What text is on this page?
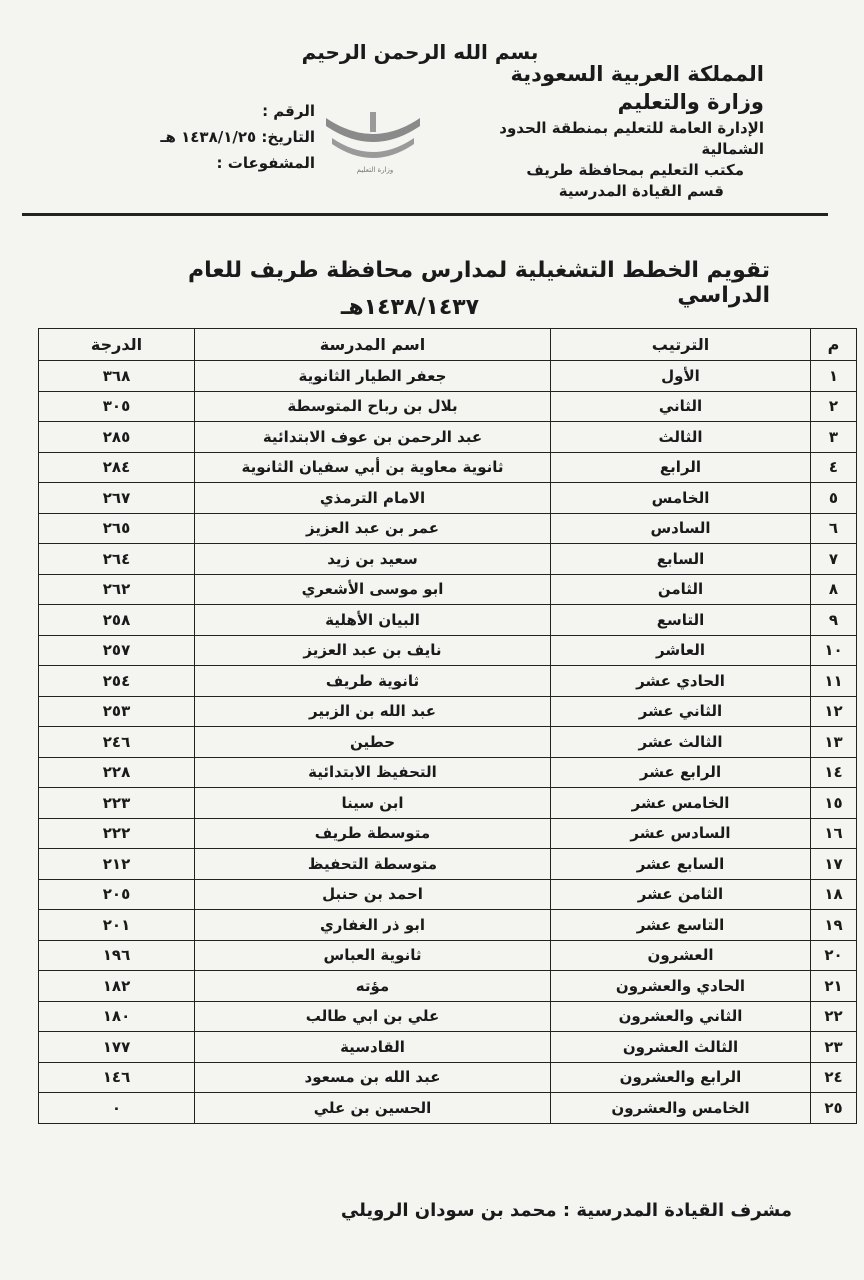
بسم الله الرحمن الرحيم
المملكة العربية السعودية
وزارة والتعليم
الإدارة العامة للتعليم بمنطقة الحدود الشمالية
مكتب التعليم بمحافظة طريف
قسم القيادة المدرسية
وزارة التعليم
الرقم :
التاريخ: ١٤٣٨/١/٢٥ هـ
المشفوعات :
تقويم الخطط التشغيلية لمدارس محافظة طريف للعام الدراسي
١٤٣٨/١٤٣٧هـ
م	الترتيب	اسم المدرسة	الدرجة
١	الأول	جعفر الطيار الثانوية	٣٦٨
٢	الثاني	بلال بن رباح المتوسطة	٣٠٥
٣	الثالث	عبد الرحمن بن عوف الابتدائية	٢٨٥
٤	الرابع	ثانوية معاوية بن أبي سفيان الثانوية	٢٨٤
٥	الخامس	الامام الترمذي	٢٦٧
٦	السادس	عمر بن عبد العزيز	٢٦٥
٧	السابع	سعيد بن زيد	٢٦٤
٨	الثامن	ابو موسى الأشعري	٢٦٢
٩	التاسع	البيان الأهلية	٢٥٨
١٠	العاشر	نايف بن عبد العزيز	٢٥٧
١١	الحادي عشر	ثانوية طريف	٢٥٤
١٢	الثاني عشر	عبد الله بن الزبير	٢٥٣
١٣	الثالث عشر	حطين	٢٤٦
١٤	الرابع عشر	التحفيظ الابتدائية	٢٢٨
١٥	الخامس عشر	ابن سينا	٢٢٣
١٦	السادس عشر	متوسطة طريف	٢٢٢
١٧	السابع عشر	متوسطة التحفيظ	٢١٢
١٨	الثامن عشر	احمد بن حنبل	٢٠٥
١٩	التاسع عشر	ابو ذر الغفاري	٢٠١
٢٠	العشرون	ثانوية العباس	١٩٦
٢١	الحادي والعشرون	مؤته	١٨٢
٢٢	الثاني والعشرون	علي بن ابي طالب	١٨٠
٢٣	الثالث العشرون	القادسية	١٧٧
٢٤	الرابع والعشرون	عبد الله بن مسعود	١٤٦
٢٥	الخامس والعشرون	الحسين بن علي	٠
مشرف القيادة المدرسية : محمد بن سودان الرويلي
